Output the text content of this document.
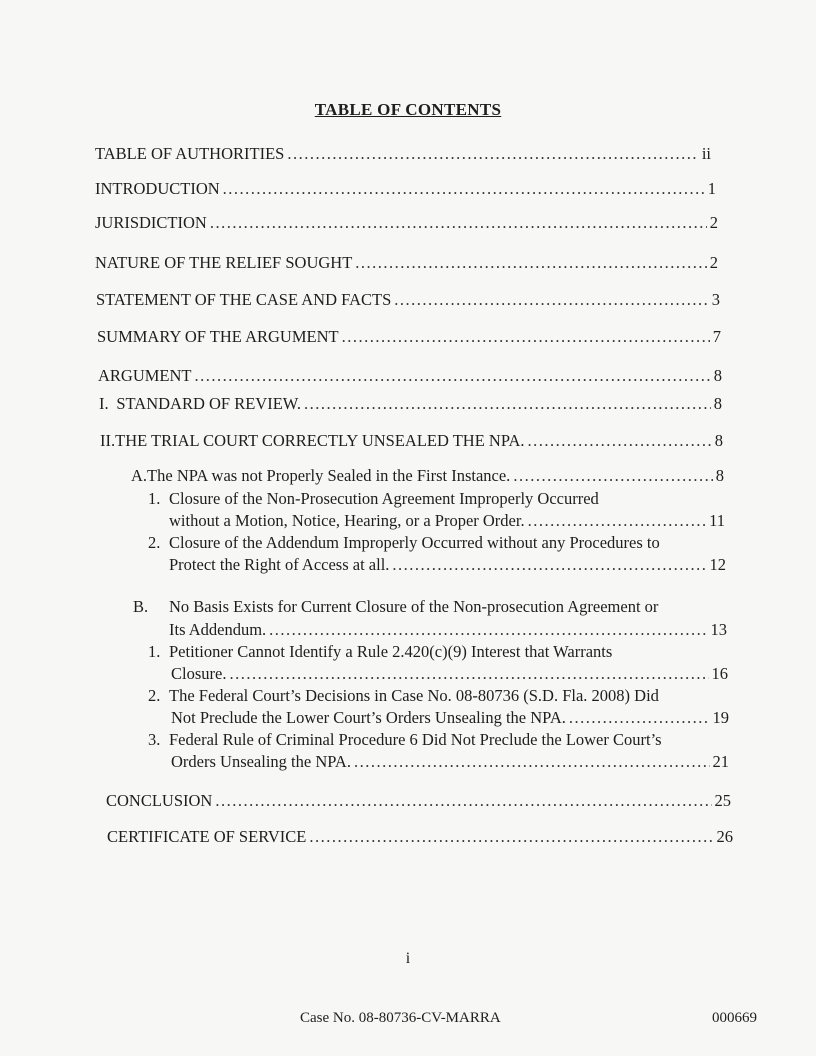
TABLE OF CONTENTS
TABLE OF AUTHORITIES .....	ii
INTRODUCTION .....	1
JURISDICTION .....	2
NATURE OF THE RELIEF SOUGHT .....	2
STATEMENT OF THE CASE AND FACTS .....	3
SUMMARY OF THE ARGUMENT .....	7
ARGUMENT .....	8
I. STANDARD OF REVIEW. .....	8
II. THE TRIAL COURT CORRECTLY UNSEALED THE NPA. .....	8
A. The NPA was not Properly Sealed in the First Instance. .....	8
1. Closure of the Non-Prosecution Agreement Improperly Occurred
without a Motion, Notice, Hearing, or a Proper Order. .....	11
2. Closure of the Addendum Improperly Occurred without any Procedures to
Protect the Right of Access at all. .....	12
B. No Basis Exists for Current Closure of the Non-prosecution Agreement or
Its Addendum. .....	13
1. Petitioner Cannot Identify a Rule 2.420(c)(9) Interest that Warrants
Closure. .....	16
2. The Federal Court’s Decisions in Case No. 08-80736 (S.D. Fla. 2008) Did
Not Preclude the Lower Court’s Orders Unsealing the NPA. .....	19
3. Federal Rule of Criminal Procedure 6 Did Not Preclude the Lower Court’s
Orders Unsealing the NPA. .....	21
CONCLUSION .....	25
CERTIFICATE OF SERVICE .....	26
i
Case No. 08-80736-CV-MARRA	000669
